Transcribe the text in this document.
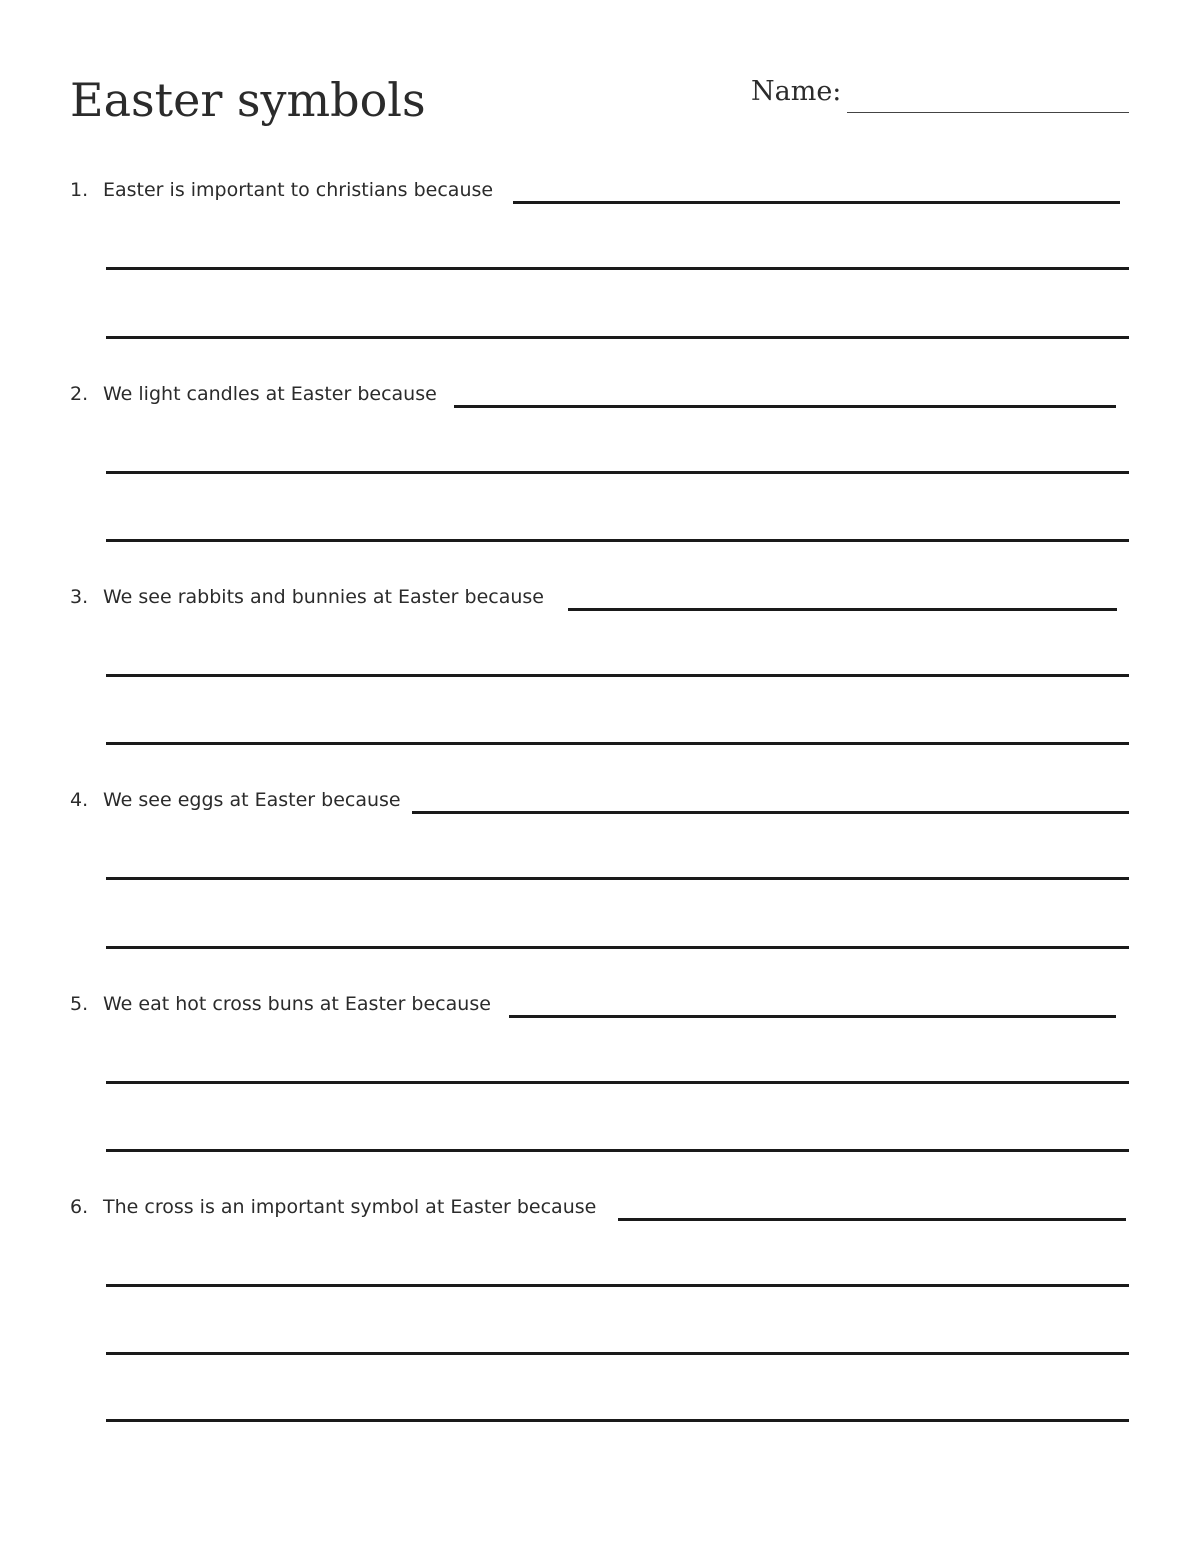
Easter symbols	Name:
1. Easter is important to christians because
2. We light candles at Easter because
3. We see rabbits and bunnies at Easter because
4. We see eggs at Easter because
5. We eat hot cross buns at Easter because
6. The cross is an important symbol at Easter because
